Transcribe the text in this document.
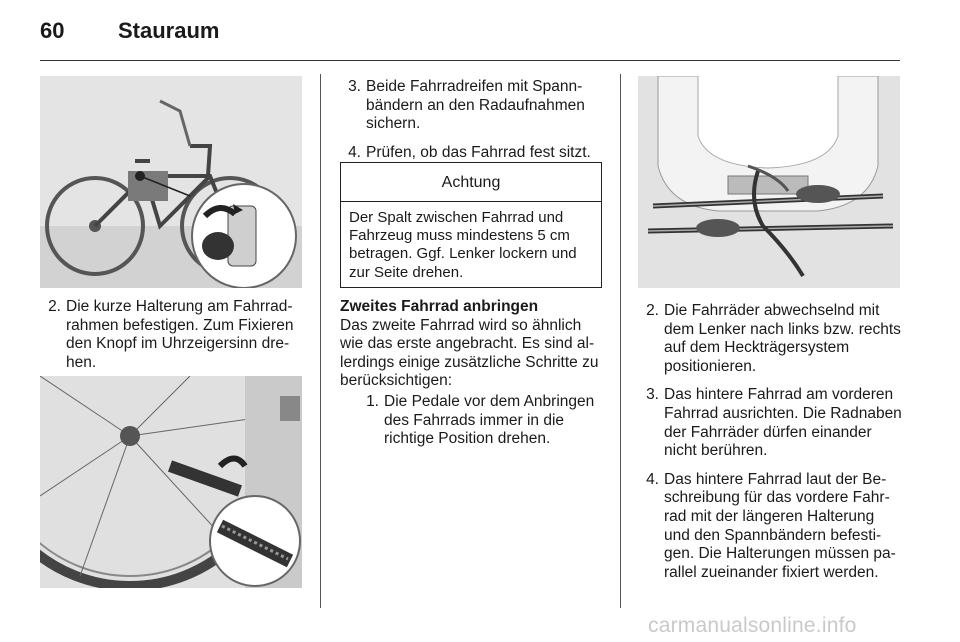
60 Stauraum
2. Die kurze Halterung am Fahrradrahmen befestigen. Zum Fixieren den Knopf im Uhrzeigersinn drehen.
3. Beide Fahrradreifen mit Spannbändern an den Radaufnahmen sichern.
4. Prüfen, ob das Fahrrad fest sitzt.
Achtung
Der Spalt zwischen Fahrrad und Fahrzeug muss mindestens 5 cm betragen. Ggf. Lenker lockern und zur Seite drehen.
Zweites Fahrrad anbringen
Das zweite Fahrrad wird so ähnlich wie das erste angebracht. Es sind allerdings einige zusätzliche Schritte zu berücksichtigen:
1. Die Pedale vor dem Anbringen des Fahrrads immer in die richtige Position drehen.
2. Die Fahrräder abwechselnd mit dem Lenker nach links bzw. rechts auf dem Heckträgersystem positionieren.
3. Das hintere Fahrrad am vorderen Fahrrad ausrichten. Die Radnaben der Fahrräder dürfen einander nicht berühren.
4. Das hintere Fahrrad laut der Beschreibung für das vordere Fahrrad mit der längeren Halterung und den Spannbändern befestigen. Die Halterungen müssen parallel zueinander fixiert werden.
carmanualsonline.info
